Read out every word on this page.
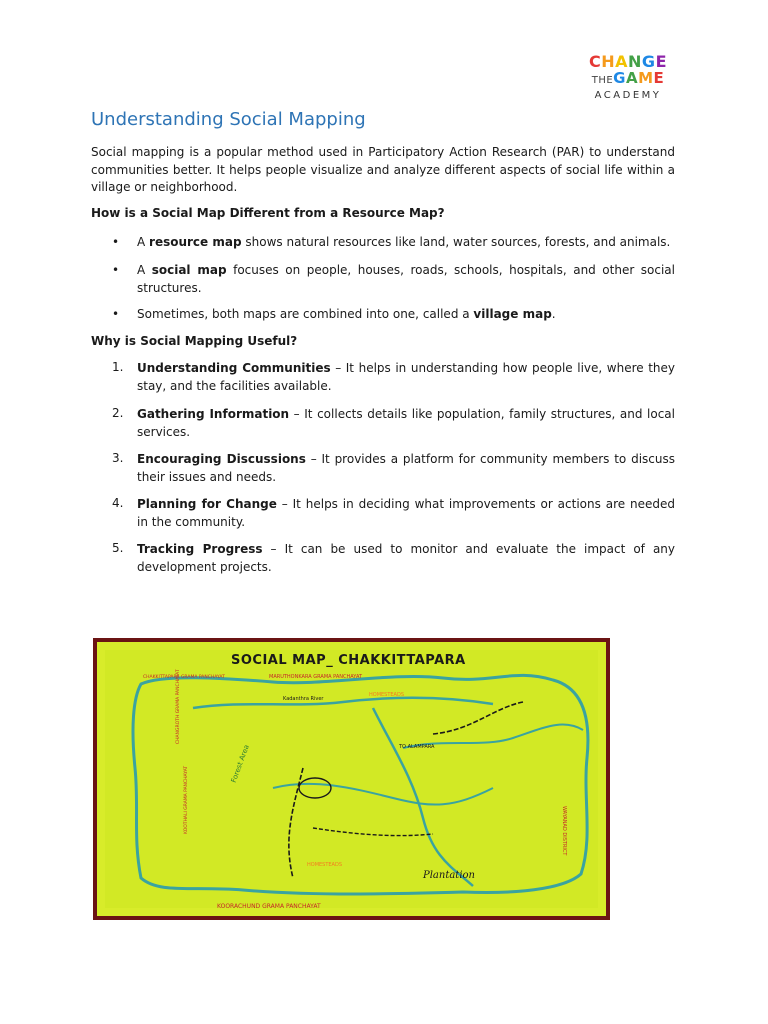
CHANGE
THEGAME
ACADEMY
Understanding Social Mapping

Social mapping is a popular method used in Participatory Action Research (PAR) to understand communities better. It helps people visualize and analyze different aspects of social life within a village or neighborhood.

How is a Social Map Different from a Resource Map?

• A resource map shows natural resources like land, water sources, forests, and animals.
• A social map focuses on people, houses, roads, schools, hospitals, and other social structures.
• Sometimes, both maps are combined into one, called a village map.

Why is Social Mapping Useful?

1.	Understanding Communities – It helps in understanding how people live, where they stay, and the facilities available.
2.	Gathering Information – It collects details like population, family structures, and local services.
3.	Encouraging Discussions – It provides a platform for community members to discuss their issues and needs.
4.	Planning for Change – It helps in deciding what improvements or actions are needed in the community.
5.	Tracking Progress – It can be used to monitor and evaluate the impact of any development projects.
SOCIAL MAP_ CHAKKITTAPARA
MARUTHONKARA GRAMA PANCHAYAT
CHAKKITTAPARA GRAMA PANCHAYAT
Kadanthra River
HOMESTEADS
TO ALAMPARA
Forest Area
HOMESTEADS
Plantation
KOORACHUND GRAMA PANCHAYAT
CHANGROTH GRAMA PANCHAYAT
KOOTHALI GRAMA PANCHAYAT	WAYANAD DISTRICT
